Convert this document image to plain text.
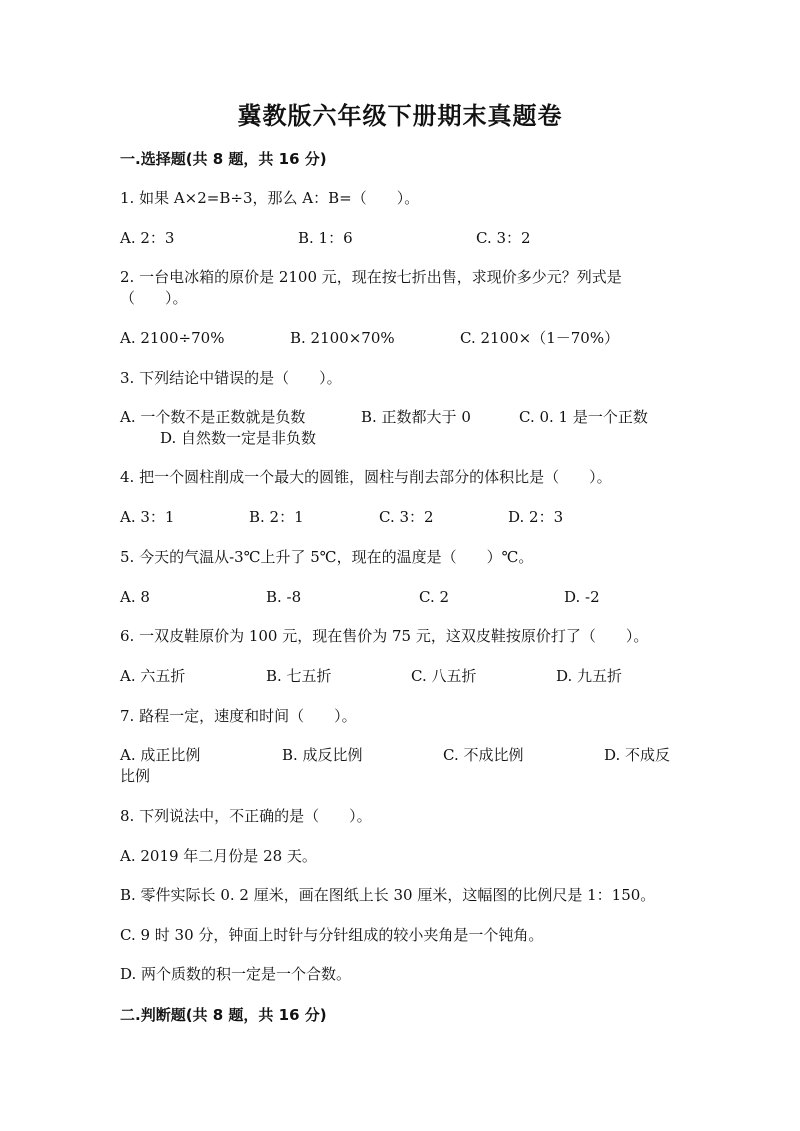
冀教版六年级下册期末真题卷

一.选择题(共 8 题，共 16 分)

1. 如果 A×2=B÷3，那么 A：B=（　　）。
A. 2：3	B. 1：6	C. 3：2
2. 一台电冰箱的原价是 2100 元，现在按七折出售，求现价多少元？列式是
（　　）。
A. 2100÷70%	B. 2100×70%	C. 2100×（1－70%）
3. 下列结论中错误的是（　　）。
A. 一个数不是正数就是负数	B. 正数都大于 0	C. 0. 1 是一个正数
D. 自然数一定是非负数
4. 把一个圆柱削成一个最大的圆锥，圆柱与削去部分的体积比是（　　）。
A. 3：1	B. 2：1	C. 3：2	D. 2：3
5. 今天的气温从-3℃上升了 5℃，现在的温度是（　　）℃。
A. 8	B. -8	C. 2	D. -2
6. 一双皮鞋原价为 100 元，现在售价为 75 元，这双皮鞋按原价打了（　　）。
A. 六五折	B. 七五折	C. 八五折	D. 九五折
7. 路程一定，速度和时间（　　）。
A. 成正比例	B. 成反比例	C. 不成比例	D. 不成反
比例
8. 下列说法中，不正确的是（　　）。
A. 2019 年二月份是 28 天。
B. 零件实际长 0. 2 厘米，画在图纸上长 30 厘米，这幅图的比例尺是 1：150。
C. 9 时 30 分，钟面上时针与分针组成的较小夹角是一个钝角。
D. 两个质数的积一定是一个合数。

二.判断题(共 8 题，共 16 分)
